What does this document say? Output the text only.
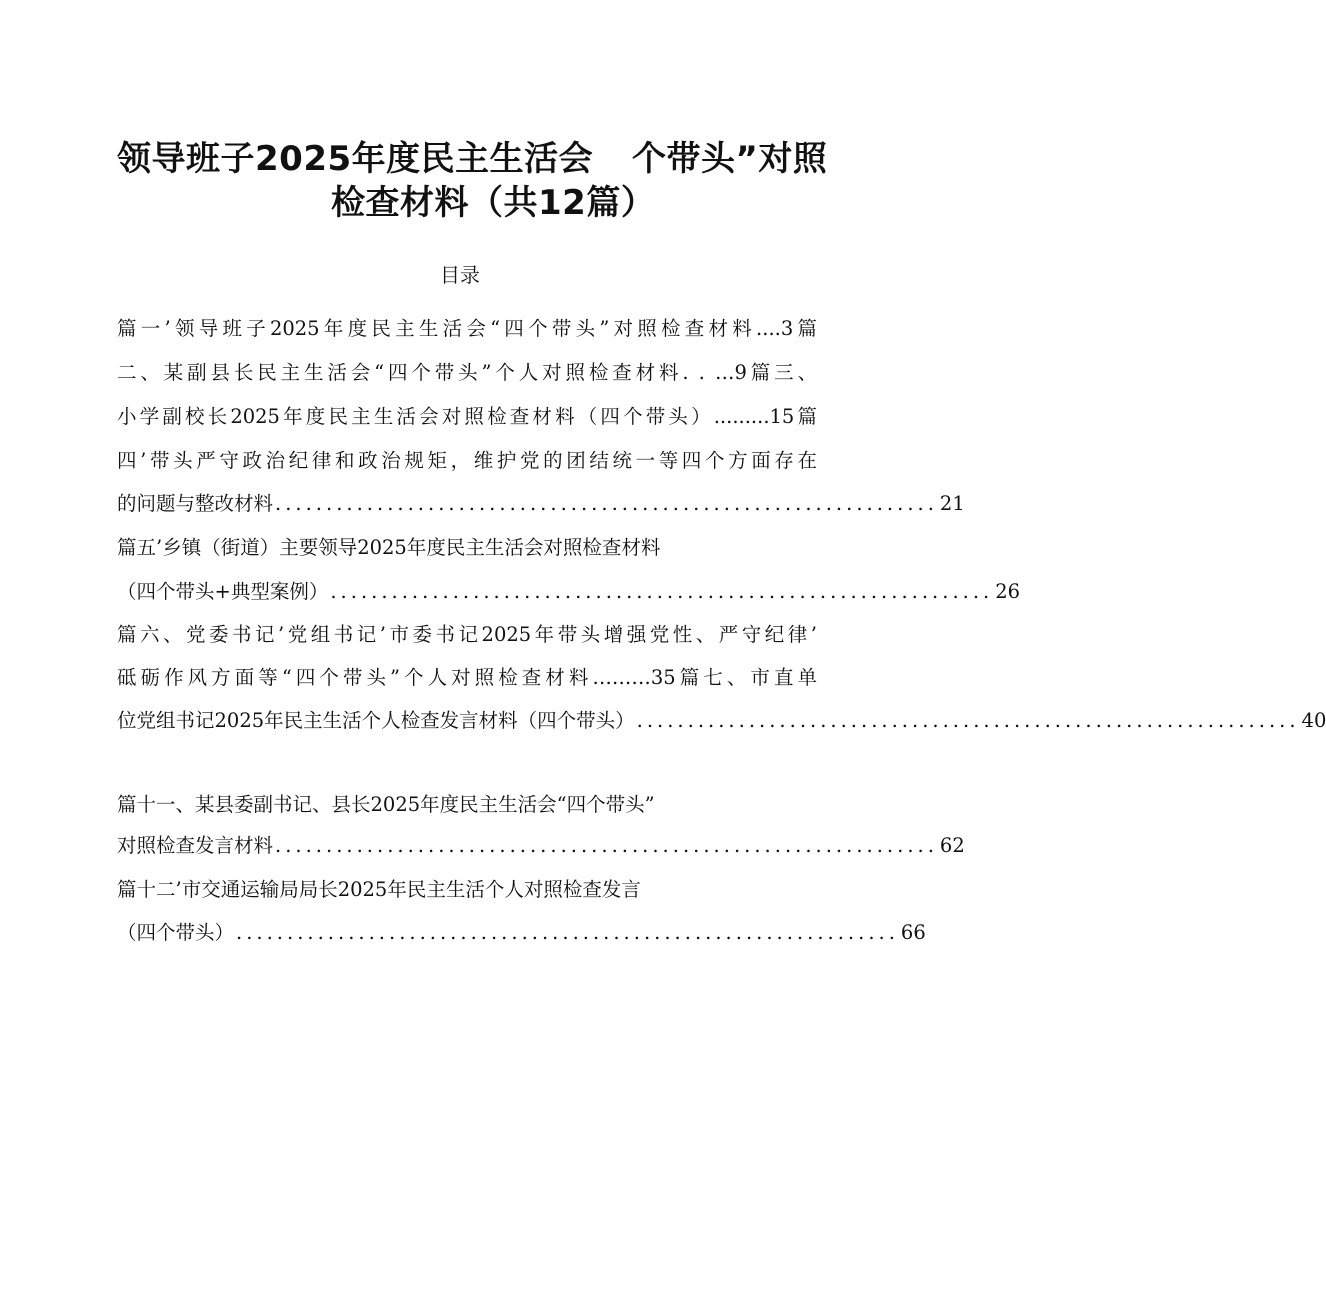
领导班子2025年度民主生活会 个带头”对照
检查材料（共12篇）
目录
篇一’领导班子2025年度民主生活会“四个带头”对照检查材料....3篇
二、某副县长民主生活会“四个带头”个人对照检查材料. . …9篇三、
小学副校长2025年度民主生活会对照检查材料（四个带头）.........15篇
四’带头严守政治纪律和政治规矩，维护党的团结统一等四个方面存在
的问题与整改材料 ................................................................. 21
篇五’乡镇（街道）主要领导2025年度民主生活会对照检查材料
（四个带头+典型案例） ................................................................. 26
篇六、党委书记’党组书记’市委书记2025年带头增强党性、严守纪律’
砥砺作风方面等“四个带头”个人对照检查材料………35篇七、市直单
位党组书记2025年民主生活个人检查发言材料（四个带头） ................................................................. 40
篇十一、某县委副书记、县长2025年度民主生活会“四个带头”
对照检查发言材料 ................................................................. 62
篇十二’市交通运输局局长2025年民主生活个人对照检查发言
（四个带头） ................................................................. 66
